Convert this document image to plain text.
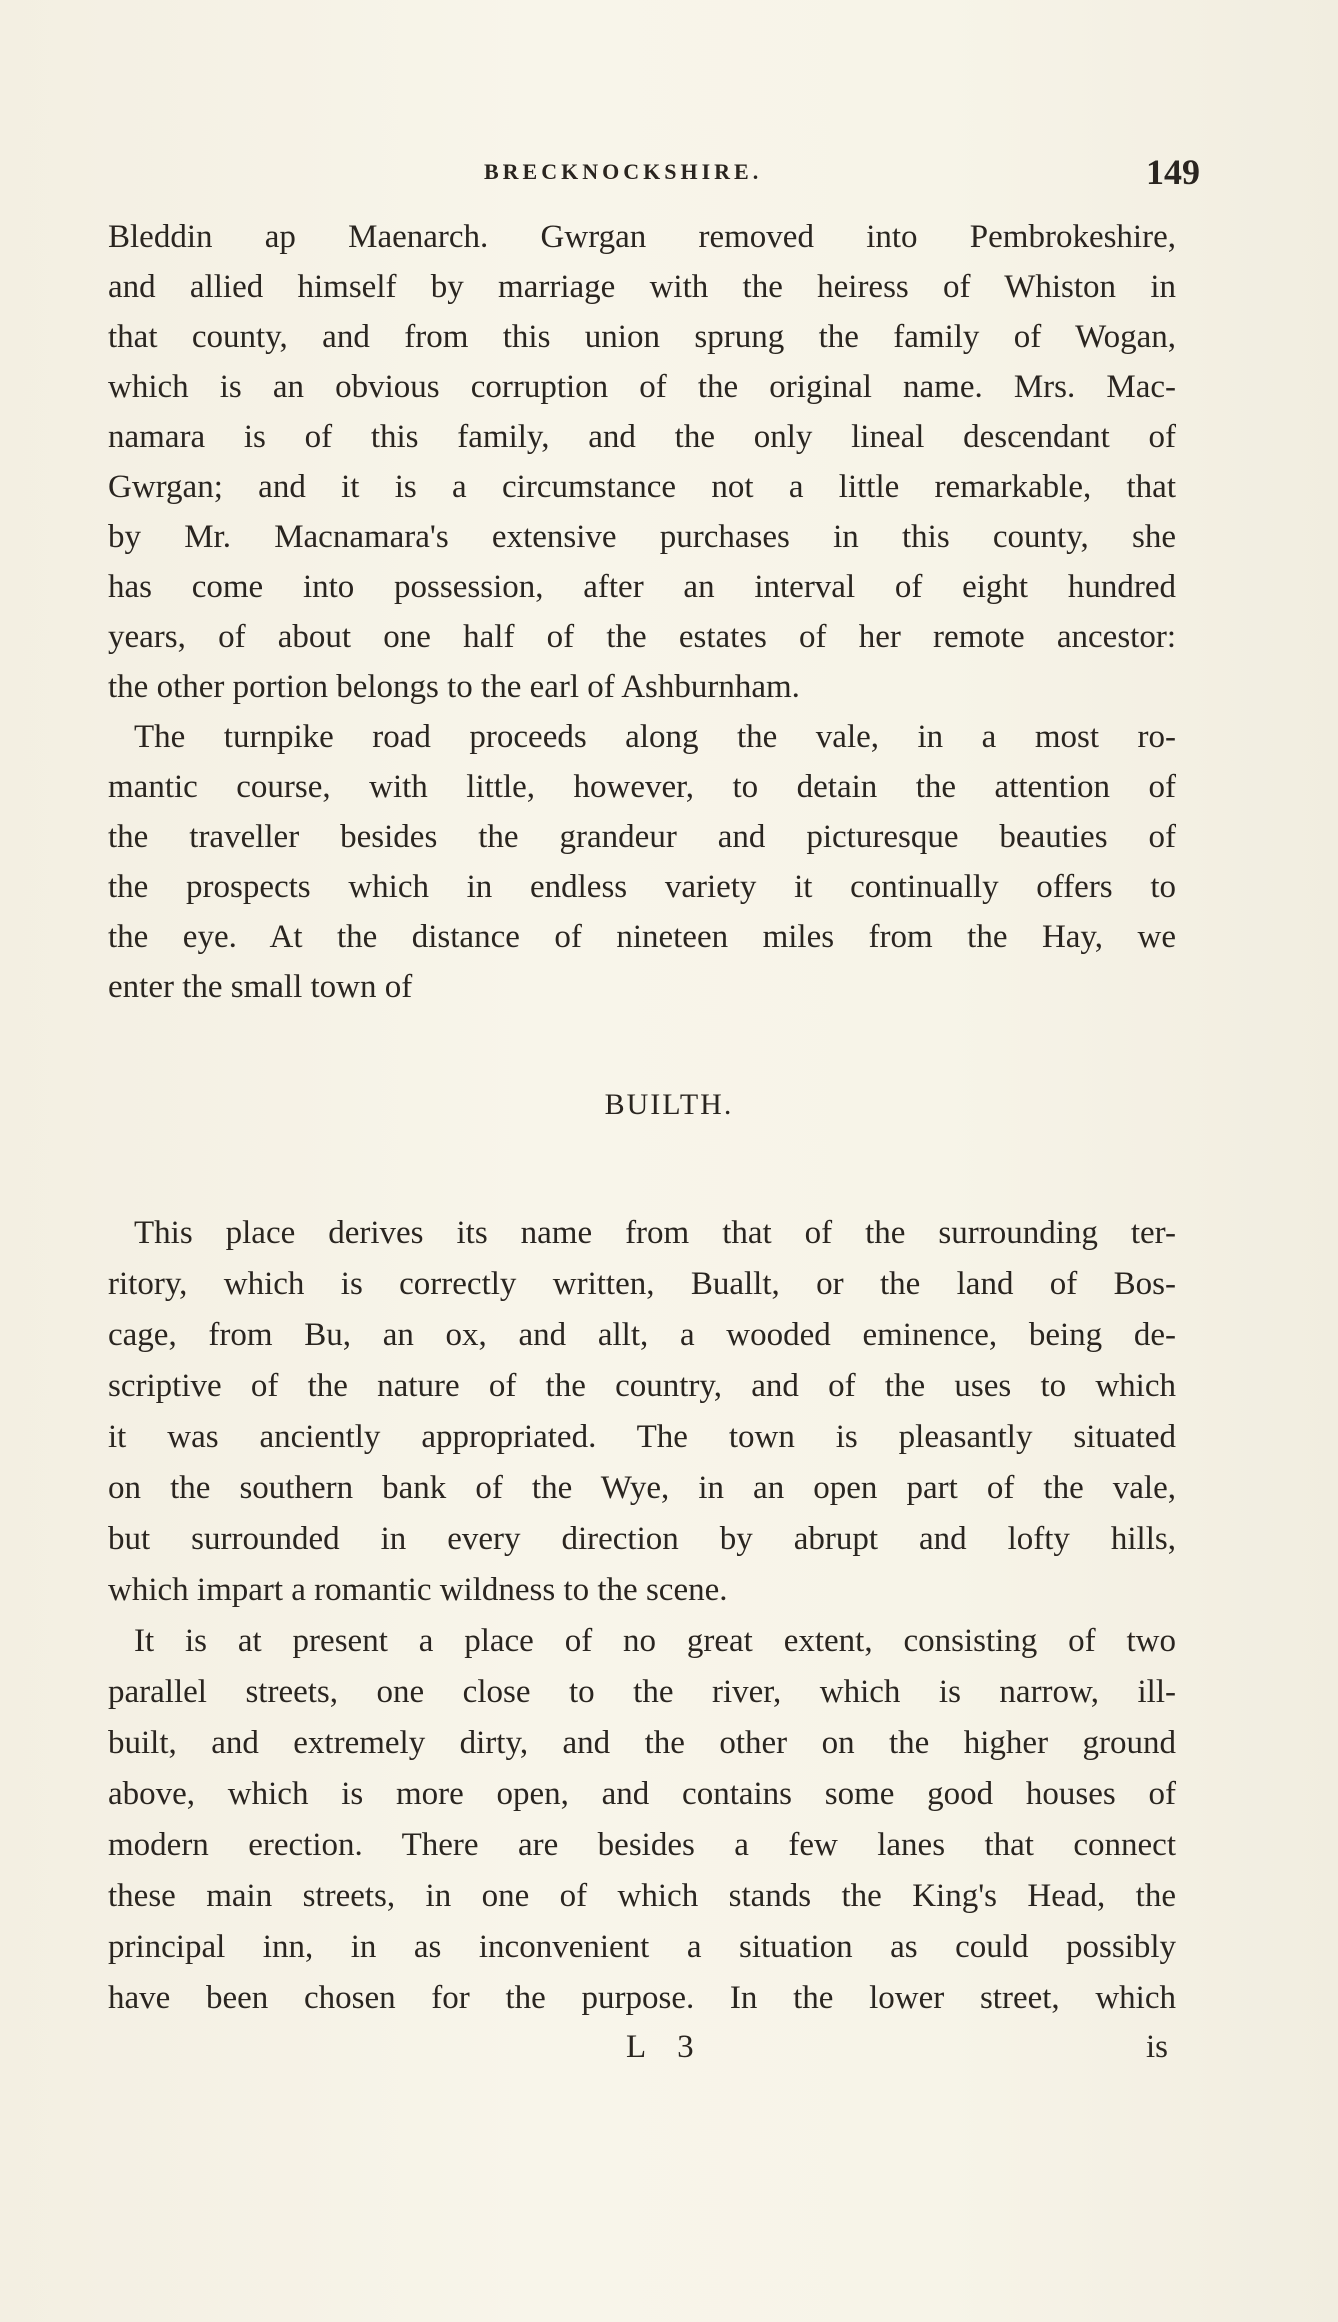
BRECKNOCKSHIRE.	149
Bleddin ap Maenarch. Gwrgan removed into Pembrokeshire,
and allied himself by marriage with the heiress of Whiston in
that county, and from this union sprung the family of Wogan,
which is an obvious corruption of the original name. Mrs. Mac-
namara is of this family, and the only lineal descendant of
Gwrgan; and it is a circumstance not a little remarkable, that
by Mr. Macnamara's extensive purchases in this county, she
has come into possession, after an interval of eight hundred
years, of about one half of the estates of her remote ancestor:
the other portion belongs to the earl of Ashburnham.
The turnpike road proceeds along the vale, in a most ro-
mantic course, with little, however, to detain the attention of
the traveller besides the grandeur and picturesque beauties of
the prospects which in endless variety it continually offers to
the eye. At the distance of nineteen miles from the Hay, we
enter the small town of
BUILTH.
This place derives its name from that of the surrounding ter-
ritory, which is correctly written, Buallt, or the land of Bos-
cage, from Bu, an ox, and allt, a wooded eminence, being de-
scriptive of the nature of the country, and of the uses to which
it was anciently appropriated. The town is pleasantly situated
on the southern bank of the Wye, in an open part of the vale,
but surrounded in every direction by abrupt and lofty hills,
which impart a romantic wildness to the scene.
It is at present a place of no great extent, consisting of two
parallel streets, one close to the river, which is narrow, ill-
built, and extremely dirty, and the other on the higher ground
above, which is more open, and contains some good houses of
modern erection. There are besides a few lanes that connect
these main streets, in one of which stands the King's Head, the
principal inn, in as inconvenient a situation as could possibly
have been chosen for the purpose. In the lower street, which
L 3	is
